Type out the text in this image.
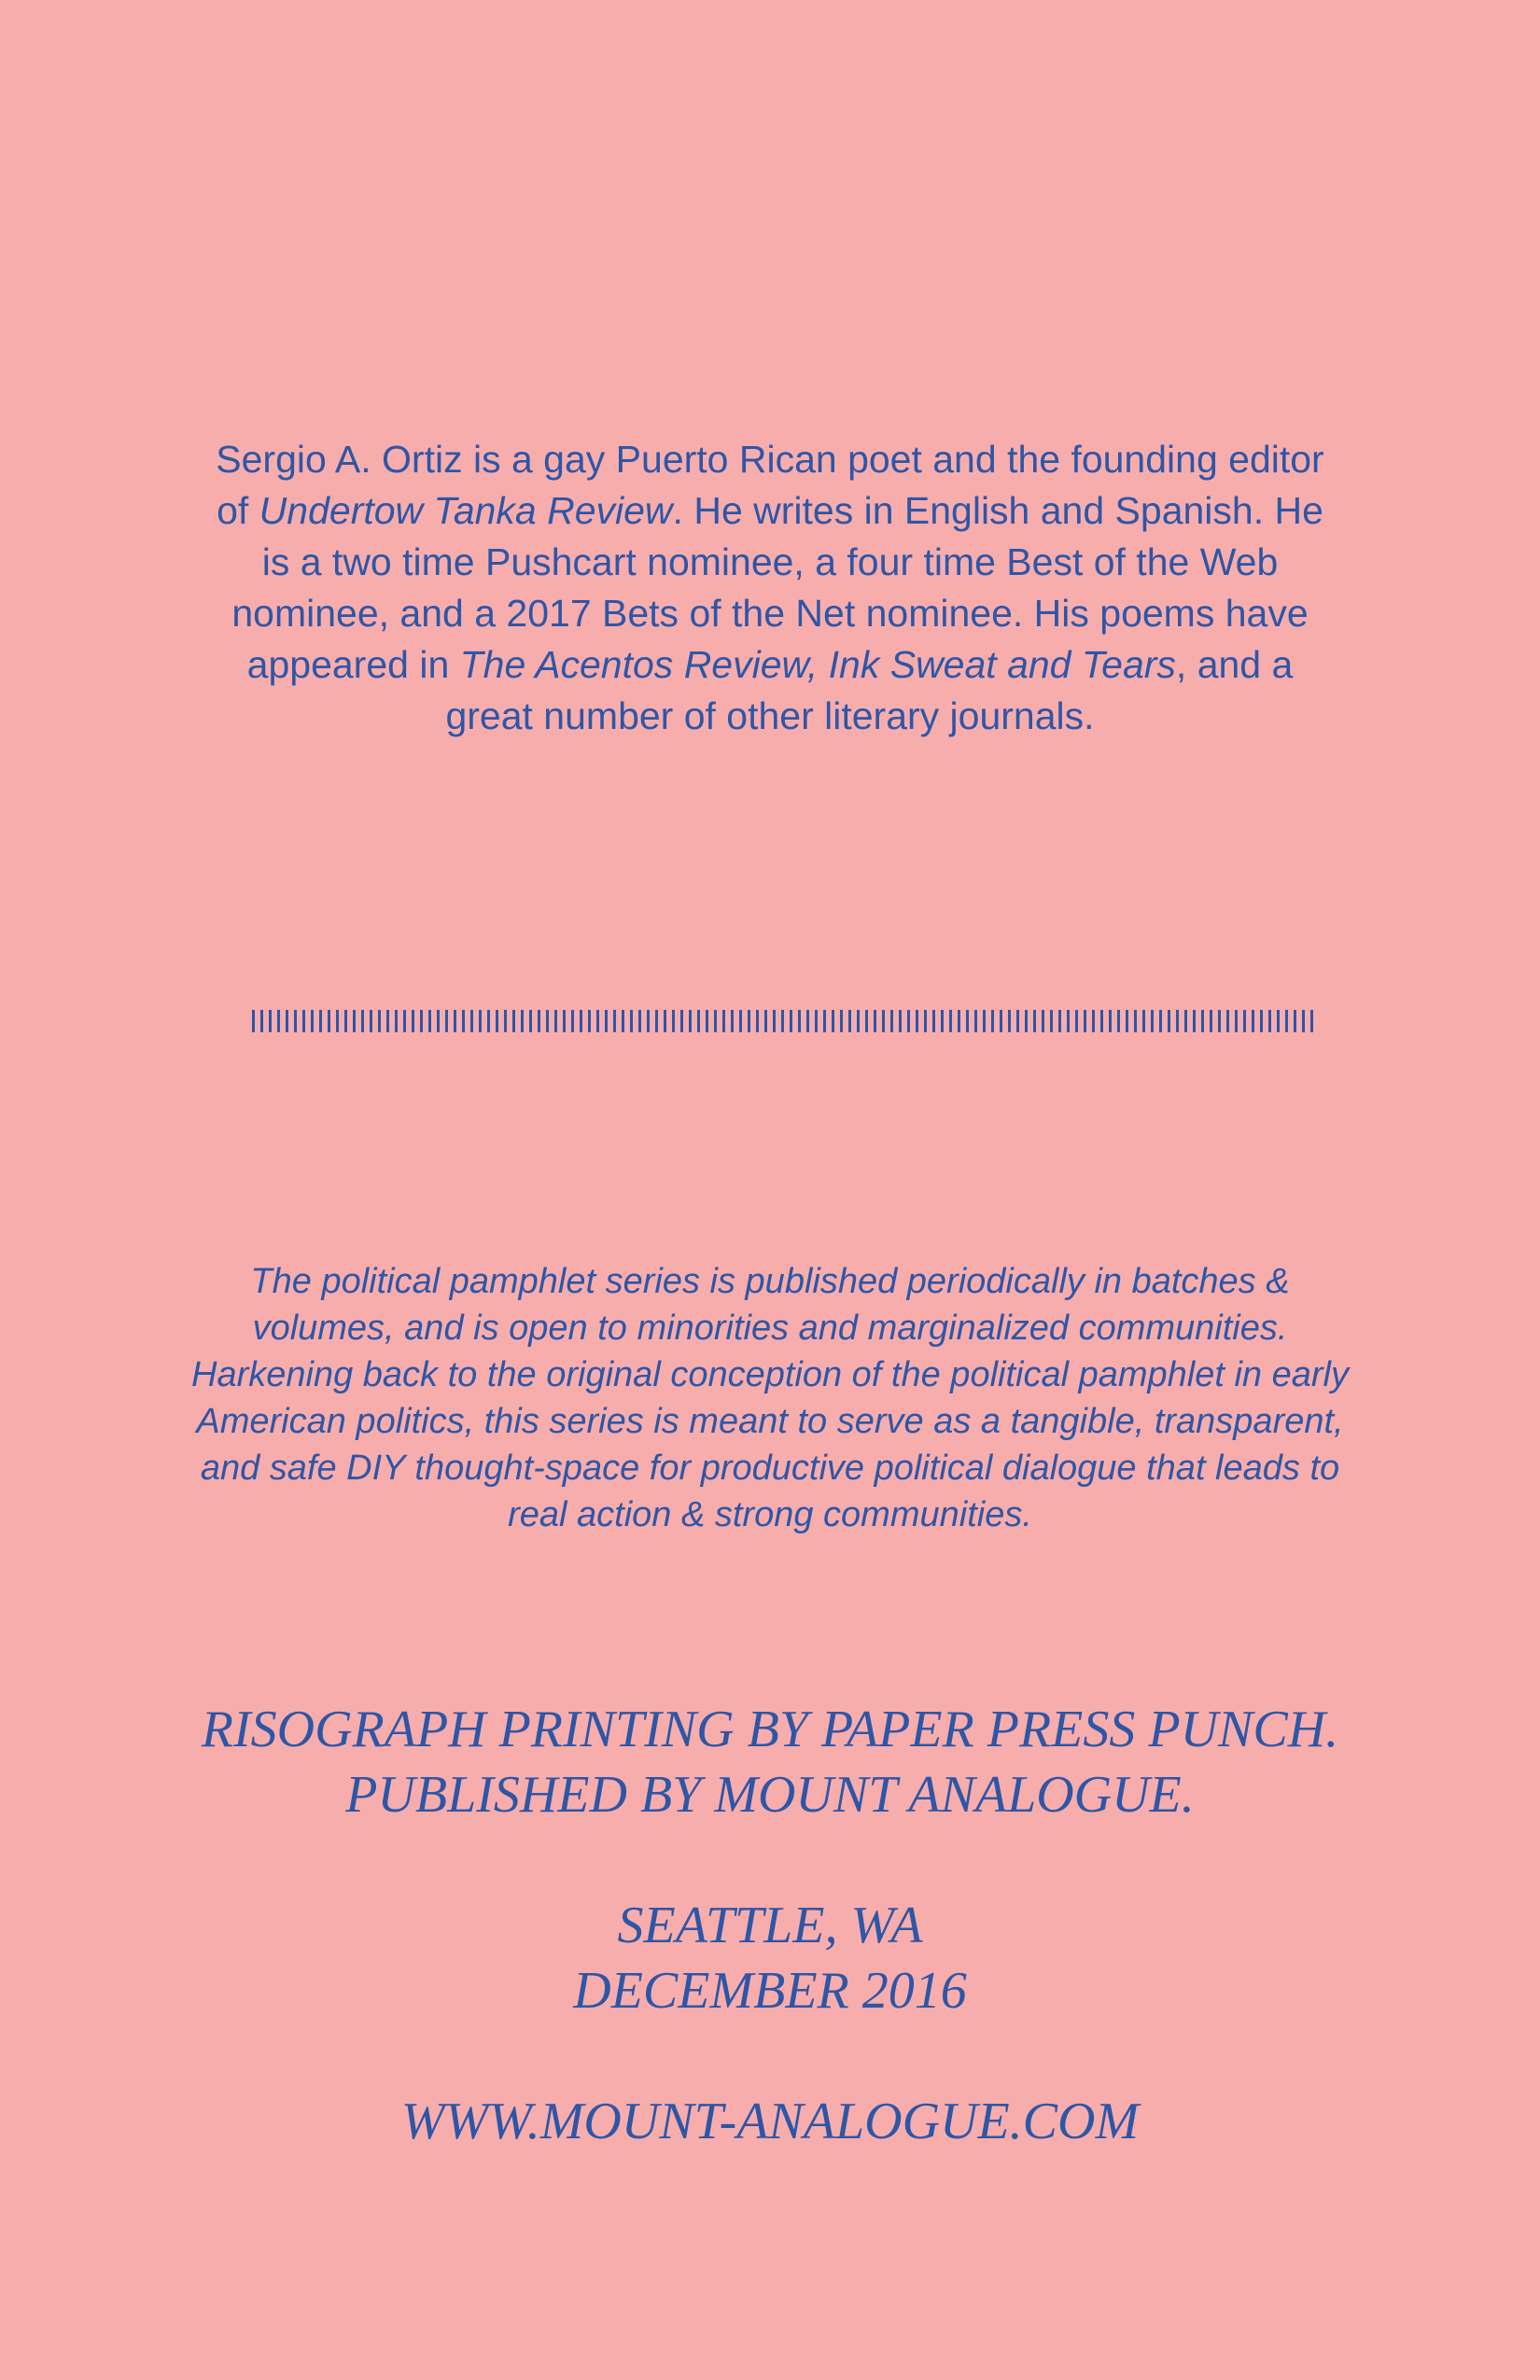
Sergio A. Ortiz is a gay Puerto Rican poet and the founding editor of Undertow Tanka Review. He writes in English and Spanish. He is a two time Pushcart nominee, a four time Best of the Web nominee, and a 2017 Bets of the Net nominee. His poems have appeared in The Acentos Review, Ink Sweat and Tears, and a great number of other literary journals.

The political pamphlet series is published periodically in batches & volumes, and is open to minorities and marginalized communities. Harkening back to the original conception of the political pamphlet in early American politics, this series is meant to serve as a tangible, transparent, and safe DIY thought-space for productive political dialogue that leads to real action & strong communities.

RISOGRAPH PRINTING BY PAPER PRESS PUNCH.
PUBLISHED BY MOUNT ANALOGUE.
SEATTLE, WA
DECEMBER 2016
WWW.MOUNT-ANALOGUE.COM
